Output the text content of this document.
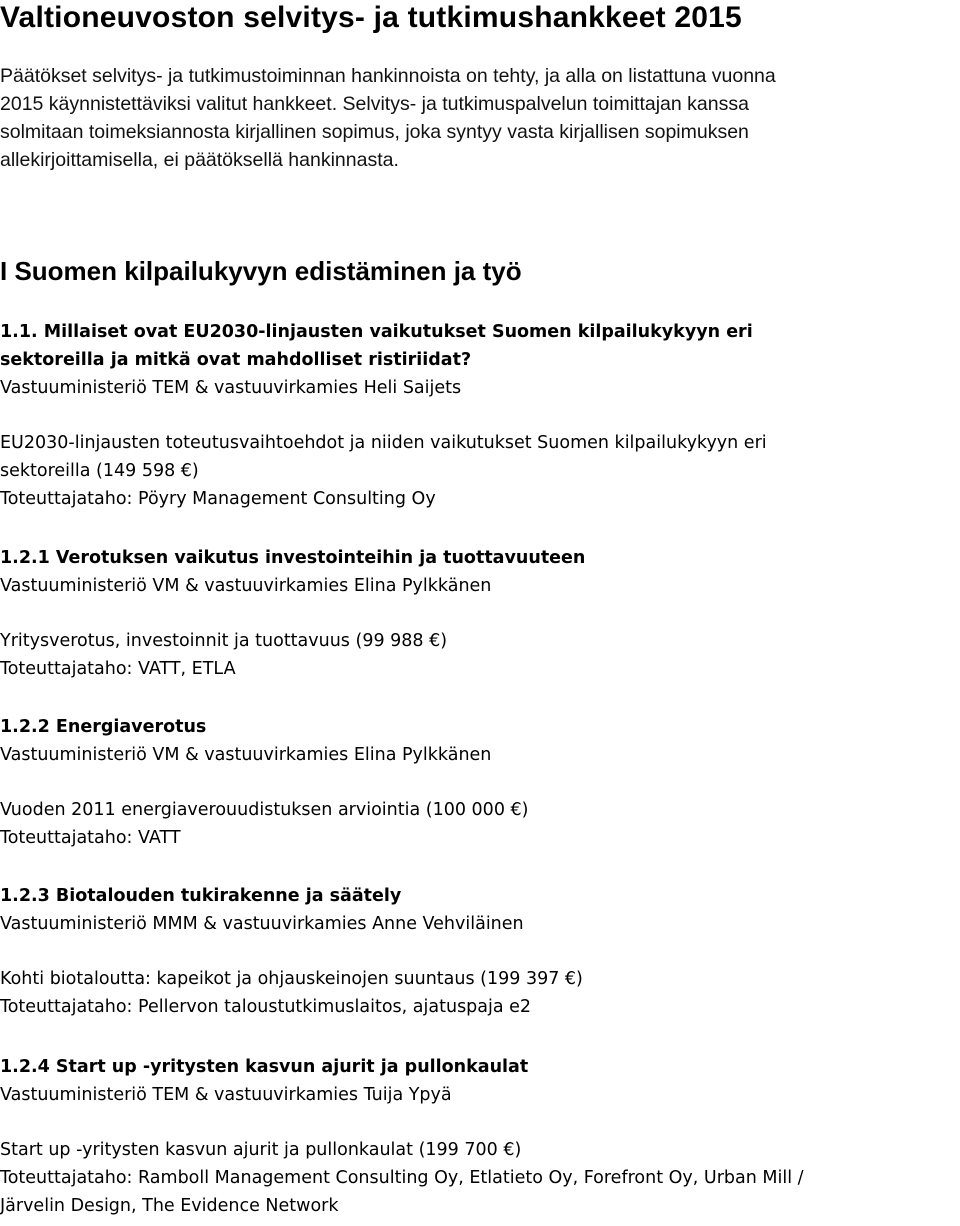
Valtioneuvoston selvitys- ja tutkimushankkeet 2015
Päätökset selvitys- ja tutkimustoiminnan hankinnoista on tehty, ja alla on listattuna vuonna
2015 käynnistettäviksi valitut hankkeet. Selvitys- ja tutkimuspalvelun toimittajan kanssa
solmitaan toimeksiannosta kirjallinen sopimus, joka syntyy vasta kirjallisen sopimuksen
allekirjoittamisella, ei päätöksellä hankinnasta.
I Suomen kilpailukyvyn edistäminen ja työ
1.1. Millaiset ovat EU2030-linjausten vaikutukset Suomen kilpailukykyyn eri
sektoreilla ja mitkä ovat mahdolliset ristiriidat?
Vastuuministeriö TEM & vastuuvirkamies Heli Saijets
EU2030-linjausten toteutusvaihtoehdot ja niiden vaikutukset Suomen kilpailukykyyn eri
sektoreilla (149 598 €)
Toteuttajataho: Pöyry Management Consulting Oy
1.2.1 Verotuksen vaikutus investointeihin ja tuottavuuteen
Vastuuministeriö VM & vastuuvirkamies Elina Pylkkänen
Yritysverotus, investoinnit ja tuottavuus (99 988 €)
Toteuttajataho: VATT, ETLA
1.2.2 Energiaverotus
Vastuuministeriö VM & vastuuvirkamies Elina Pylkkänen
Vuoden 2011 energiaverouudistuksen arviointia (100 000 €)
Toteuttajataho: VATT
1.2.3 Biotalouden tukirakenne ja säätely
Vastuuministeriö MMM & vastuuvirkamies Anne Vehviläinen
Kohti biotaloutta: kapeikot ja ohjauskeinojen suuntaus (199 397 €)
Toteuttajataho: Pellervon taloustutkimuslaitos, ajatuspaja e2
1.2.4 Start up -yritysten kasvun ajurit ja pullonkaulat
Vastuuministeriö TEM & vastuuvirkamies Tuija Ypyä
Start up -yritysten kasvun ajurit ja pullonkaulat (199 700 €)
Toteuttajataho: Ramboll Management Consulting Oy, Etlatieto Oy, Forefront Oy, Urban Mill /
Järvelin Design, The Evidence Network
